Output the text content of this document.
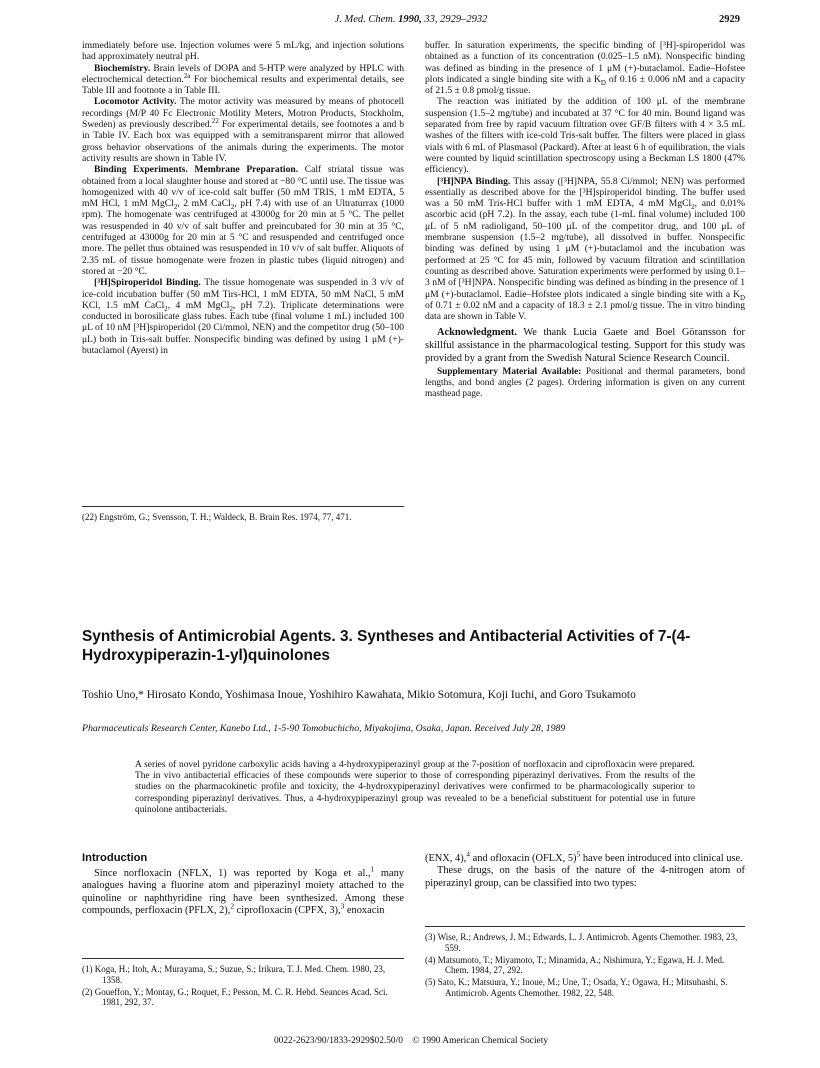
J. Med. Chem. 1990, 33, 2929–2932	2929

immediately before use. Injection volumes were 5 mL/kg, and injection solutions had approximately neutral pH.

Biochemistry. Brain levels of DOPA and 5-HTP were analyzed by HPLC with electrochemical detection.$^{2a}$ For biochemical results and experimental details, see Table III and footnote a in Table III.

Locomotor Activity. The motor activity was measured by means of photocell recordings (M/P 40 Fc Electronic Motility Meters, Motron Products, Stockholm, Sweden) as previously described.$^{22}$ For experimental details, see footnotes a and b in Table IV. Each box was equipped with a semitransparent mirror that allowed gross behavior observations of the animals during the experiments. The motor activity results are shown in Table IV.

Binding Experiments. Membrane Preparation. Calf striatal tissue was obtained from a local slaughter house and stored at −80 °C until use. The tissue was homogenized with 40 v/v of ice-cold salt buffer (50 mM TRIS, 1 mM EDTA, 5 mM HCl, 1 mM MgCl$_2$, 2 mM CaCl$_2$, pH 7.4) with use of an Ultraturrax (1000 rpm). The homogenate was centrifuged at 43000g for 20 min at 5 °C. The pellet was resuspended in 40 v/v of salt buffer and preincubated for 30 min at 35 °C, centrifuged at 43000g for 20 min at 5 °C and resuspended and centrifuged once more. The pellet thus obtained was resuspended in 10 v/v of salt buffer. Aliquots of 2.35 mL of tissue homogenate were frozen in plastic tubes (liquid nitrogen) and stored at −20 °C.

[³H]Spiroperidol Binding. The tissue homogenate was suspended in 3 v/v of ice-cold incubation buffer (50 mM Tirs-HCl, 1 mM EDTA, 50 mM NaCl, 5 mM KCl, 1.5 mM CaCl$_2$, 4 mM MgCl$_2$, pH 7.2). Triplicate determinations were conducted in borosilicate glass tubes. Each tube (final volume 1 mL) included 100 μL of 10 nM [³H]spiroperidol (20 Ci/mmol, NEN) and the competitor drug (50–100 μL) both in Tris-salt buffer. Nonspecific binding was defined by using 1 μM (+)-butaclamol (Ayerst) in

(22) Engström, G.; Svensson, T. H.; Waldeck, B. Brain Res. 1974, 77, 471.

buffer. In saturation experiments, the specific binding of [³H]-spiroperidol was obtained as a function of its concentration (0.025–1.5 nM). Nonspecific binding was defined as binding in the presence of 1 μM (+)-butaclamol. Eadie–Hofstee plots indicated a single binding site with a $K_D$ of 0.16 ± 0.006 nM and a capacity of 21.5 ± 0.8 pmol/g tissue.

The reaction was initiated by the addition of 100 μL of the membrane suspension (1.5–2 mg/tube) and incubated at 37 °C for 40 min. Bound ligand was separated from free by rapid vacuum filtration over GF/B filters with 4 × 3.5 mL washes of the filters with ice-cold Tris-salt buffer. The filters were placed in glass vials with 6 mL of Plasmasol (Packard). After at least 6 h of equilibration, the vials were counted by liquid scintillation spectroscopy using a Beckman LS 1800 (47% efficiency).

[³H]NPA Binding. This assay ([³H]NPA, 55.8 Ci/mmol; NEN) was performed essentially as described above for the [³H]spiroperidol binding. The buffer used was a 50 mM Tris-HCl buffer with 1 mM EDTA, 4 mM MgCl$_2$, and 0.01% ascorbic acid (pH 7.2). In the assay, each tube (1-mL final volume) included 100 μL of 5 nM radioligand, 50–100 μL of the competitor drug, and 100 μL of membrane suspension (1.5–2 mg/tube), all dissolved in buffer. Nonspecific binding was defined by using 1 μM (+)-butaclamol and the incubation was performed at 25 °C for 45 min, followed by vacuum filtration and scintillation counting as described above. Saturation experiments were performed by using 0.1–3 nM of [³H]NPA. Nonspecific binding was defined as binding in the presence of 1 μM (+)-butaclamol. Eadie–Hofstee plots indicated a single binding site with a $K_D$ of 0.71 ± 0.02 nM and a capacity of 18.3 ± 2.1 pmol/g tissue. The in vitro binding data are shown in Table V.

Acknowledgment. We thank Lucia Gaete and Boel Göransson for skillful assistance in the pharmacological testing. Support for this study was provided by a grant from the Swedish Natural Science Research Council.

Supplementary Material Available: Positional and thermal parameters, bond lengths, and bond angles (2 pages). Ordering information is given on any current masthead page.

Synthesis of Antimicrobial Agents. 3. Syntheses and Antibacterial Activities of 7-(4-Hydroxypiperazin-1-yl)quinolones
Toshio Uno,* Hirosato Kondo, Yoshimasa Inoue, Yoshihiro Kawahata, Mikio Sotomura, Koji Iuchi, and Goro Tsukamoto
Pharmaceuticals Research Center, Kanebo Ltd., 1-5-90 Tomobuchicho, Miyakojima, Osaka, Japan. Received July 28, 1989
A series of novel pyridone carboxylic acids having a 4-hydroxypiperazinyl group at the 7-position of norfloxacin and ciprofloxacin were prepared. The in vivo antibacterial efficacies of these compounds were superior to those of corresponding piperazinyl derivatives. From the results of the studies on the pharmacokinetic profile and toxicity, the 4-hydroxypiperazinyl derivatives were confirmed to be pharmacologically superior to corresponding piperazinyl derivatives. Thus, a 4-hydroxypiperazinyl group was revealed to be a beneficial substituent for potential use in future quinolone antibacterials.
Introduction

Since norfloxacin (NFLX, 1) was reported by Koga et al.,$^1$ many analogues having a fluorine atom and piperazinyl moiety attached to the quinoline or naphthyridine ring have been synthesized. Among these compounds, perfloxacin (PFLX, 2),$^2$ ciprofloxacin (CPFX, 3),$^3$ enoxacin

(1) Koga, H.; Itoh, A.; Murayama, S.; Suzue, S.; Irikura, T. J. Med. Chem. 1980, 23, 1358.
(2) Goueffon, Y.; Montay, G.; Roquet, F.; Pesson, M. C. R. Hebd. Seances Acad. Sci. 1981, 292, 37.

(ENX, 4),$^4$ and ofloxacin (OFLX, 5)$^5$ have been introduced into clinical use.

These drugs, on the basis of the nature of the 4-nitrogen atom of piperazinyl group, can be classified into two types:

(3) Wise, R.; Andrews, J. M.; Edwards, L. J. Antimicrob. Agents Chemother. 1983, 23, 559.
(4) Matsumoto, T.; Miyamoto, T.; Minamida, A.; Nishimura, Y.; Egawa, H. J. Med. Chem. 1984, 27, 292.
(5) Sato, K.; Matsuura, Y.; Inoue, M.; Une, T.; Osada, Y.; Ogawa, H.; Mitsuhashi, S. Antimicrob. Agents Chemother. 1982, 22, 548.
0022-2623/90/1833-2929$02.50/0 © 1990 American Chemical Society
